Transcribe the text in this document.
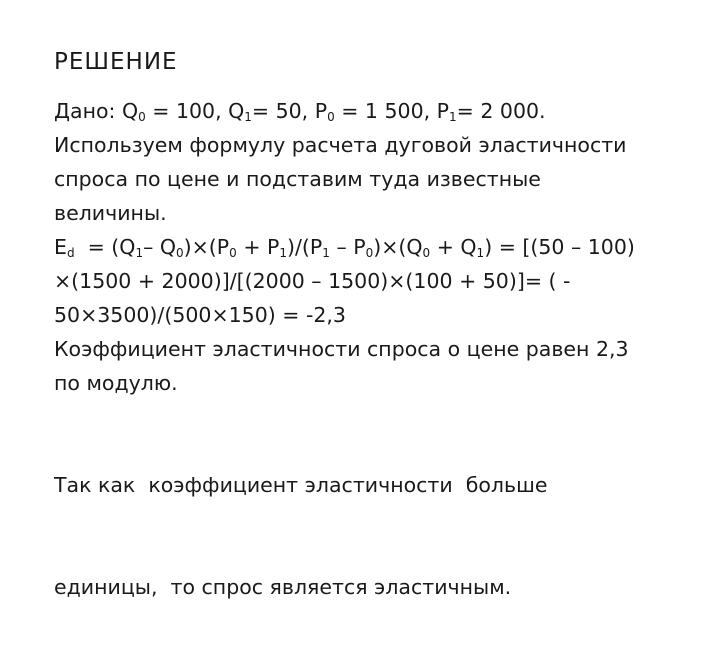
РЕШЕНИЕ

Дано: $Q_0 = 100$, $Q_1= 50$, $P_0 = 1$ 500, $P_1= 2$ 000.

Используем формулу расчета дуговой эластичности
спроса по цене и подставим туда известные
величины.

$E_d = (Q_1-$ $Q_0)\times(P_0 + P_1)/(P_1 - P_0)\times(Q_0 + Q_1) = [(50 - 100)$
×(1500 + 2000)]/[(2000 – 1500)×(100 + 50)]= ( -
50×3500)/(500×150) = -2,3

Коэффициент эластичности спроса о цене равен 2,3
по модулю.

Так как  коэффициент эластичности  больше

единицы,  то спрос является эластичным.
